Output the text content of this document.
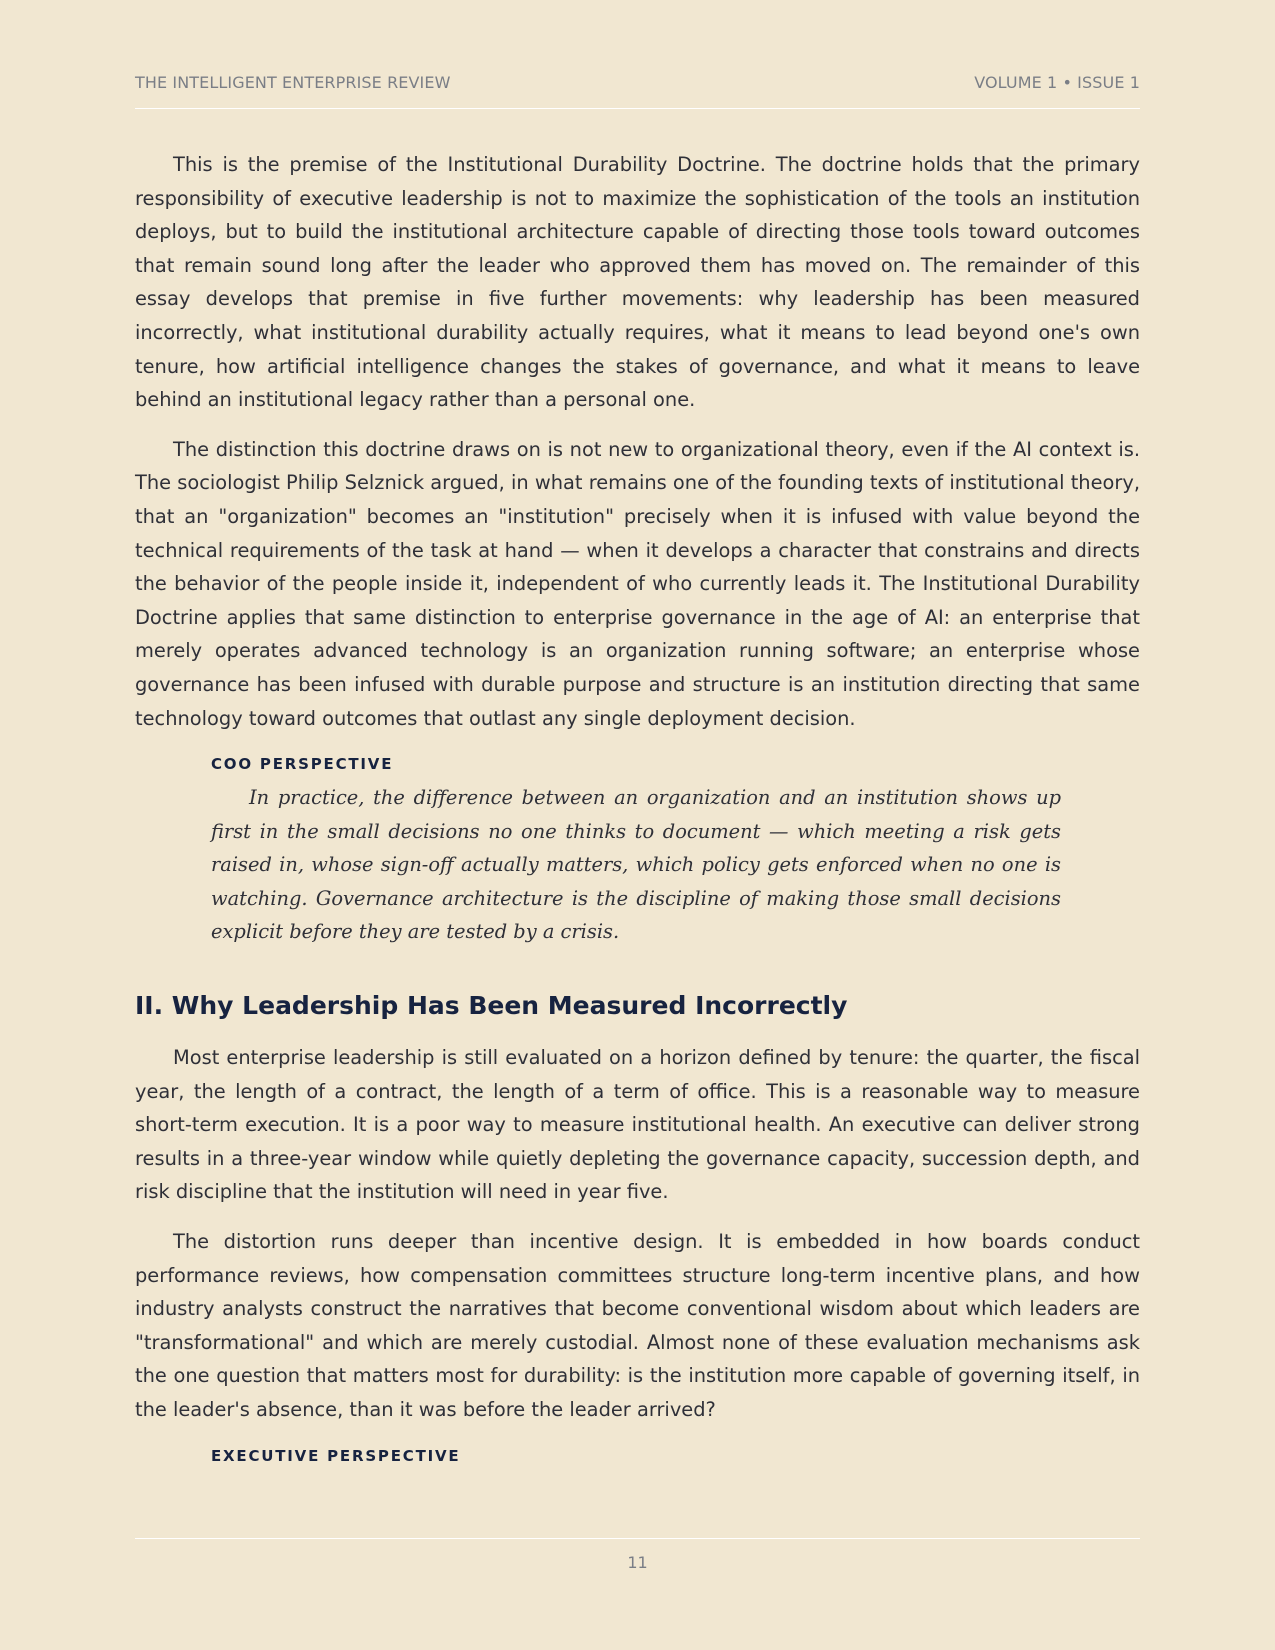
THE INTELLIGENT ENTERPRISE REVIEW	VOLUME 1 • ISSUE 1

This is the premise of the Institutional Durability Doctrine. The doctrine holds that the primary responsibility of executive leadership is not to maximize the sophistication of the tools an institution deploys, but to build the institutional architecture capable of directing those tools toward outcomes that remain sound long after the leader who approved them has moved on. The remainder of this essay develops that premise in five further movements: why leadership has been measured incorrectly, what institutional durability actually requires, what it means to lead beyond one's own tenure, how artificial intelligence changes the stakes of governance, and what it means to leave behind an institutional legacy rather than a personal one.

The distinction this doctrine draws on is not new to organizational theory, even if the AI context is. The sociologist Philip Selznick argued, in what remains one of the founding texts of institutional theory, that an "organization" becomes an "institution" precisely when it is infused with value beyond the technical requirements of the task at hand — when it develops a character that constrains and directs the behavior of the people inside it, independent of who currently leads it. The Institutional Durability Doctrine applies that same distinction to enterprise governance in the age of AI: an enterprise that merely operates advanced technology is an organization running software; an enterprise whose governance has been infused with durable purpose and structure is an institution directing that same technology toward outcomes that outlast any single deployment decision.

COO PERSPECTIVE

In practice, the difference between an organization and an institution shows up first in the small decisions no one thinks to document — which meeting a risk gets raised in, whose sign-off actually matters, which policy gets enforced when no one is watching. Governance architecture is the discipline of making those small decisions explicit before they are tested by a crisis.

II. Why Leadership Has Been Measured Incorrectly

Most enterprise leadership is still evaluated on a horizon defined by tenure: the quarter, the fiscal year, the length of a contract, the length of a term of office. This is a reasonable way to measure short-term execution. It is a poor way to measure institutional health. An executive can deliver strong results in a three-year window while quietly depleting the governance capacity, succession depth, and risk discipline that the institution will need in year five.

The distortion runs deeper than incentive design. It is embedded in how boards conduct performance reviews, how compensation committees structure long-term incentive plans, and how industry analysts construct the narratives that become conventional wisdom about which leaders are "transformational" and which are merely custodial. Almost none of these evaluation mechanisms ask the one question that matters most for durability: is the institution more capable of governing itself, in the leader's absence, than it was before the leader arrived?

EXECUTIVE PERSPECTIVE
11
